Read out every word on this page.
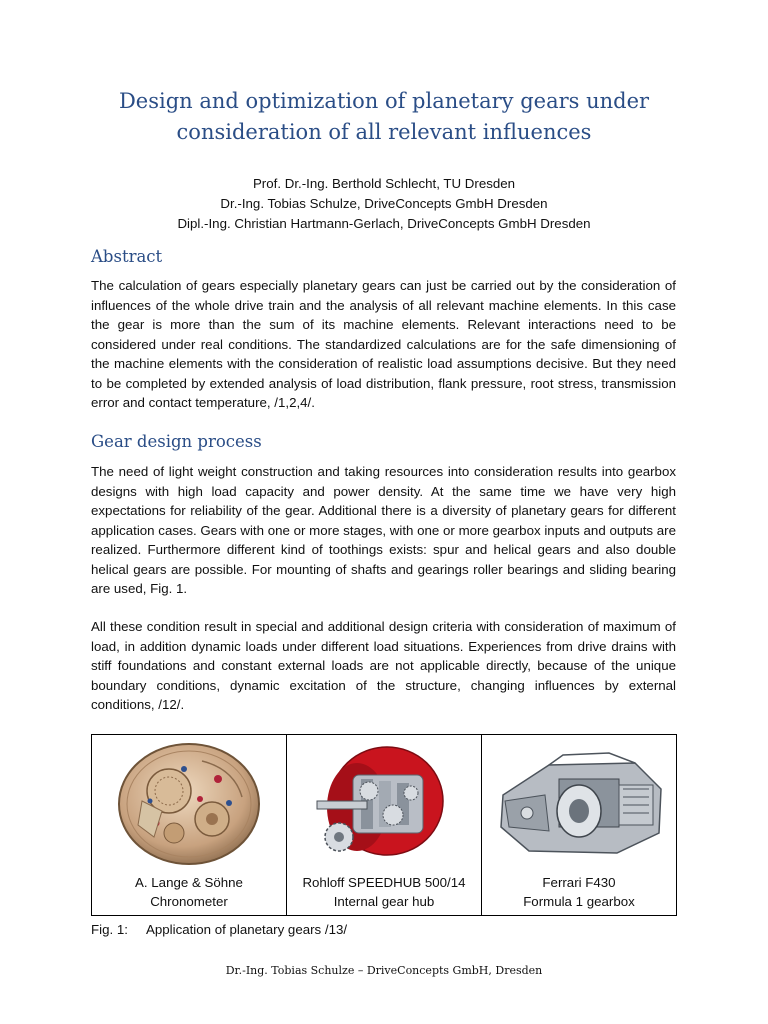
Design and optimization of planetary gears under
consideration of all relevant influences
Prof. Dr.-Ing. Berthold Schlecht, TU Dresden
Dr.-Ing. Tobias Schulze, DriveConcepts GmbH Dresden
Dipl.-Ing. Christian Hartmann-Gerlach, DriveConcepts GmbH Dresden
Abstract

The calculation of gears especially planetary gears can just be carried out by the consideration of influences of the whole drive train and the analysis of all relevant machine elements. In this case the gear is more than the sum of its machine elements. Relevant interactions need to be considered under real conditions. The standardized calculations are for the safe dimensioning of the machine elements with the consideration of realistic load assumptions decisive. But they need to be completed by extended analysis of load distribution, flank pressure, root stress, transmission error and contact temperature, /1,2,4/.

Gear design process

The need of light weight construction and taking resources into consideration results into gearbox designs with high load capacity and power density. At the same time we have very high expectations for reliability of the gear. Additional there is a diversity of planetary gears for different application cases. Gears with one or more stages, with one or more gearbox inputs and outputs are realized. Furthermore different kind of toothings exists: spur and helical gears and also double helical gears are possible. For mounting of shafts and gearings roller bearings and sliding bearing are used, Fig. 1.

All these condition result in special and additional design criteria with consideration of maximum of load, in addition dynamic loads under different load situations. Experiences from drive drains with stiff foundations and constant external loads are not applicable directly, because of the unique boundary conditions, dynamic excitation of the structure, changing influences by external conditions, /12/.

A. Lange & Söhne
Chronometer

Rohloff SPEEDHUB 500/14
Internal gear hub

Ferrari F430
Formula 1 gearbox
Fig. 1: Application of planetary gears /13/
Dr.-Ing. Tobias Schulze – DriveConcepts GmbH, Dresden
